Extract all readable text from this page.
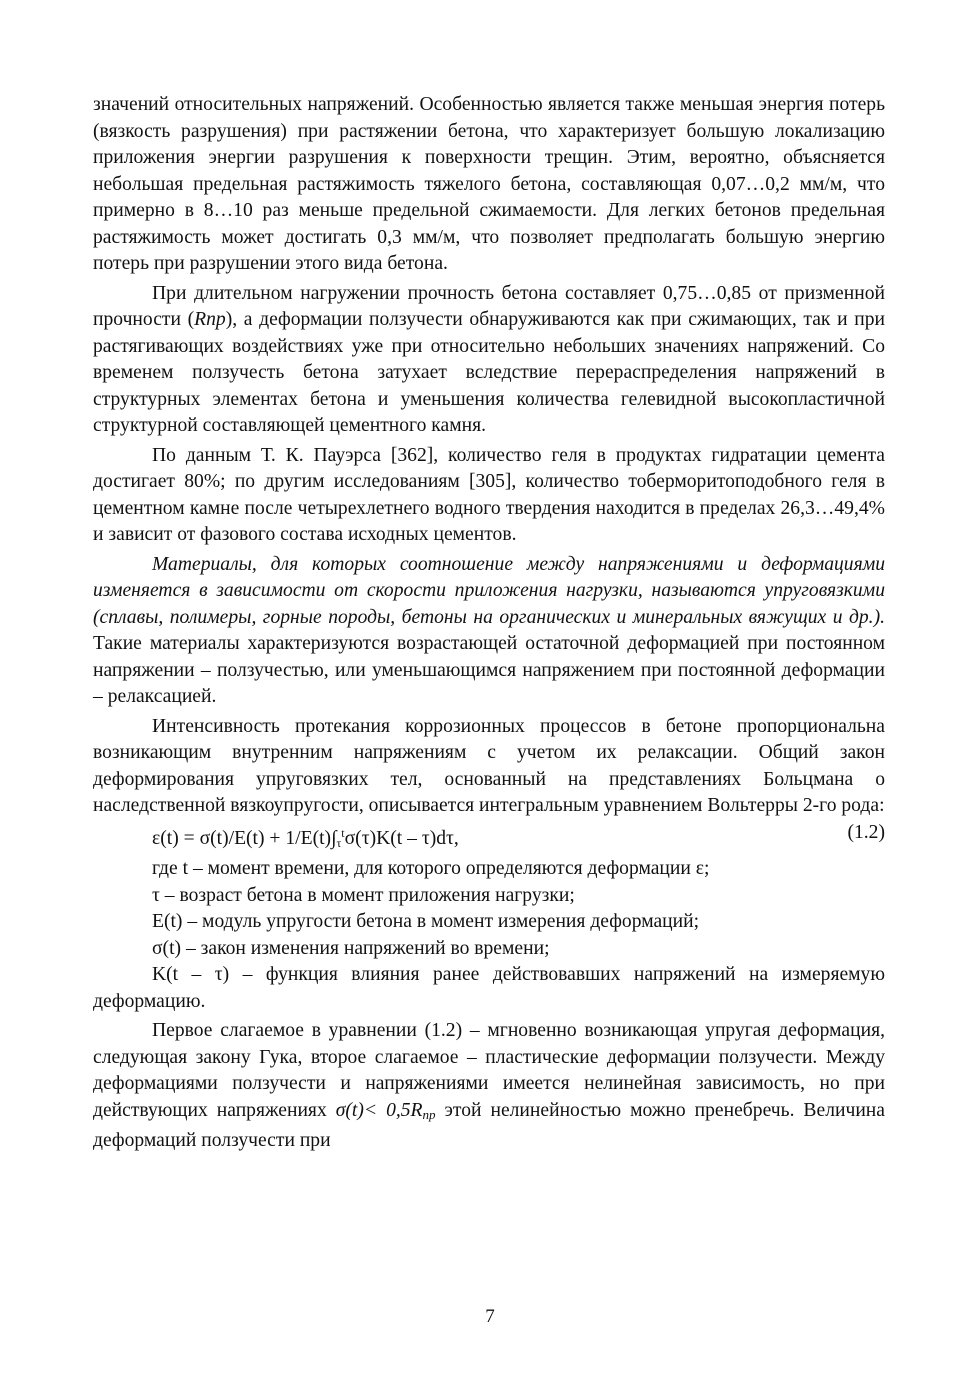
значений относительных напряжений. Особенностью является также меньшая энергия потерь (вязкость разрушения) при растяжении бетона, что характеризует большую локализацию приложения энергии разрушения к поверхности трещин. Этим, вероятно, объясняется небольшая предельная растяжимость тяжелого бетона, составляющая 0,07…0,2 мм/м, что примерно в 8…10 раз меньше предельной сжимаемости. Для легких бетонов предельная растяжимость может достигать 0,3 мм/м, что позволяет предполагать большую энергию потерь при разрушении этого вида бетона.

При длительном нагружении прочность бетона составляет 0,75…0,85 от призменной прочности (Rnp), а деформации ползучести обнаруживаются как при сжимающих, так и при растягивающих воздействиях уже при относительно небольших значениях напряжений. Со временем ползучесть бетона затухает вследствие перераспределения напряжений в структурных элементах бетона и уменьшения количества гелевидной высокопластичной структурной составляющей цементного камня.

По данным Т. К. Пауэрса [362], количество геля в продуктах гидратации цемента достигает 80%; по другим исследованиям [305], количество тоберморитоподобного геля в цементном камне после четырехлетнего водного твердения находится в пределах 26,3…49,4% и зависит от фазового состава исходных цементов.

Материалы, для которых соотношение между напряжениями и деформациями изменяется в зависимости от скорости приложения нагрузки, называются упруговязкими (сплавы, полимеры, горные породы, бетоны на органических и минеральных вяжущих и др.). Такие материалы характеризуются возрастающей остаточной деформацией при постоянном напряжении – ползучестью, или уменьшающимся напряжением при постоянной деформации – релаксацией.

Интенсивность протекания коррозионных процессов в бетоне пропорциональна возникающим внутренним напряжениям с учетом их релаксации. Общий закон деформирования упруговязких тел, основанный на представлениях Больцмана о наследственной вязкоупругости, описывается интегральным уравнением Вольтерры 2-го рода:

$\varepsilon(t) = \sigma(t)/E(t) + 1/E(t)\int_\tau^t\sigma(\tau)K(t - \tau)d\tau$,	(1.2)

где t – момент времени, для которого определяются деформации ε;

τ – возраст бетона в момент приложения нагрузки;

E(t) – модуль упругости бетона в момент измерения деформаций;

σ(t) – закон изменения напряжений во времени;

K(t – τ) – функция влияния ранее действовавших напряжений на измеряемую деформацию.

Первое слагаемое в уравнении (1.2) – мгновенно возникающая упругая деформация, следующая закону Гука, второе слагаемое – пластические деформации ползучести. Между деформациями ползучести и напряжениями имеется нелинейная зависимость, но при действующих напряжениях σ(t)< 0,5Rпр этой нелинейностью можно пренебречь. Величина деформаций ползучести при

7
